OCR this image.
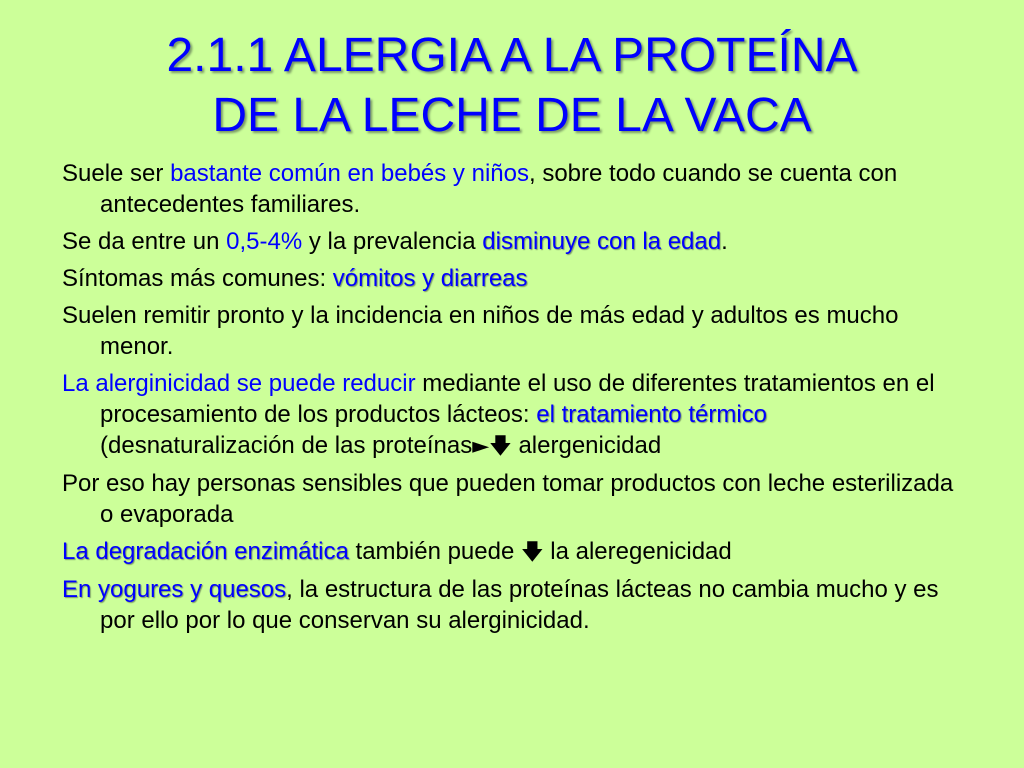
2.1.1 ALERGIA A LA PROTEÍNA
DE LA LECHE DE LA VACA
Suele ser bastante común en bebés y niños, sobre todo cuando se cuenta con antecedentes familiares.
Se da entre un 0,5-4% y la prevalencia disminuye con la edad.
Síntomas más comunes: vómitos y diarreas
Suelen remitir pronto y la incidencia en niños de más edad y adultos es mucho menor.
La alerginicidad se puede reducir mediante el uso de diferentes tratamientos en el procesamiento de los productos lácteos: el tratamiento térmico (desnaturalización de las proteínas►🡇 alergenicidad
Por eso hay personas sensibles que pueden tomar productos con leche esterilizada o evaporada
La degradación enzimática también puede 🡇 la aleregenicidad
En yogures y quesos, la estructura de las proteínas lácteas no cambia mucho y es por ello por lo que conservan su alerginicidad.
